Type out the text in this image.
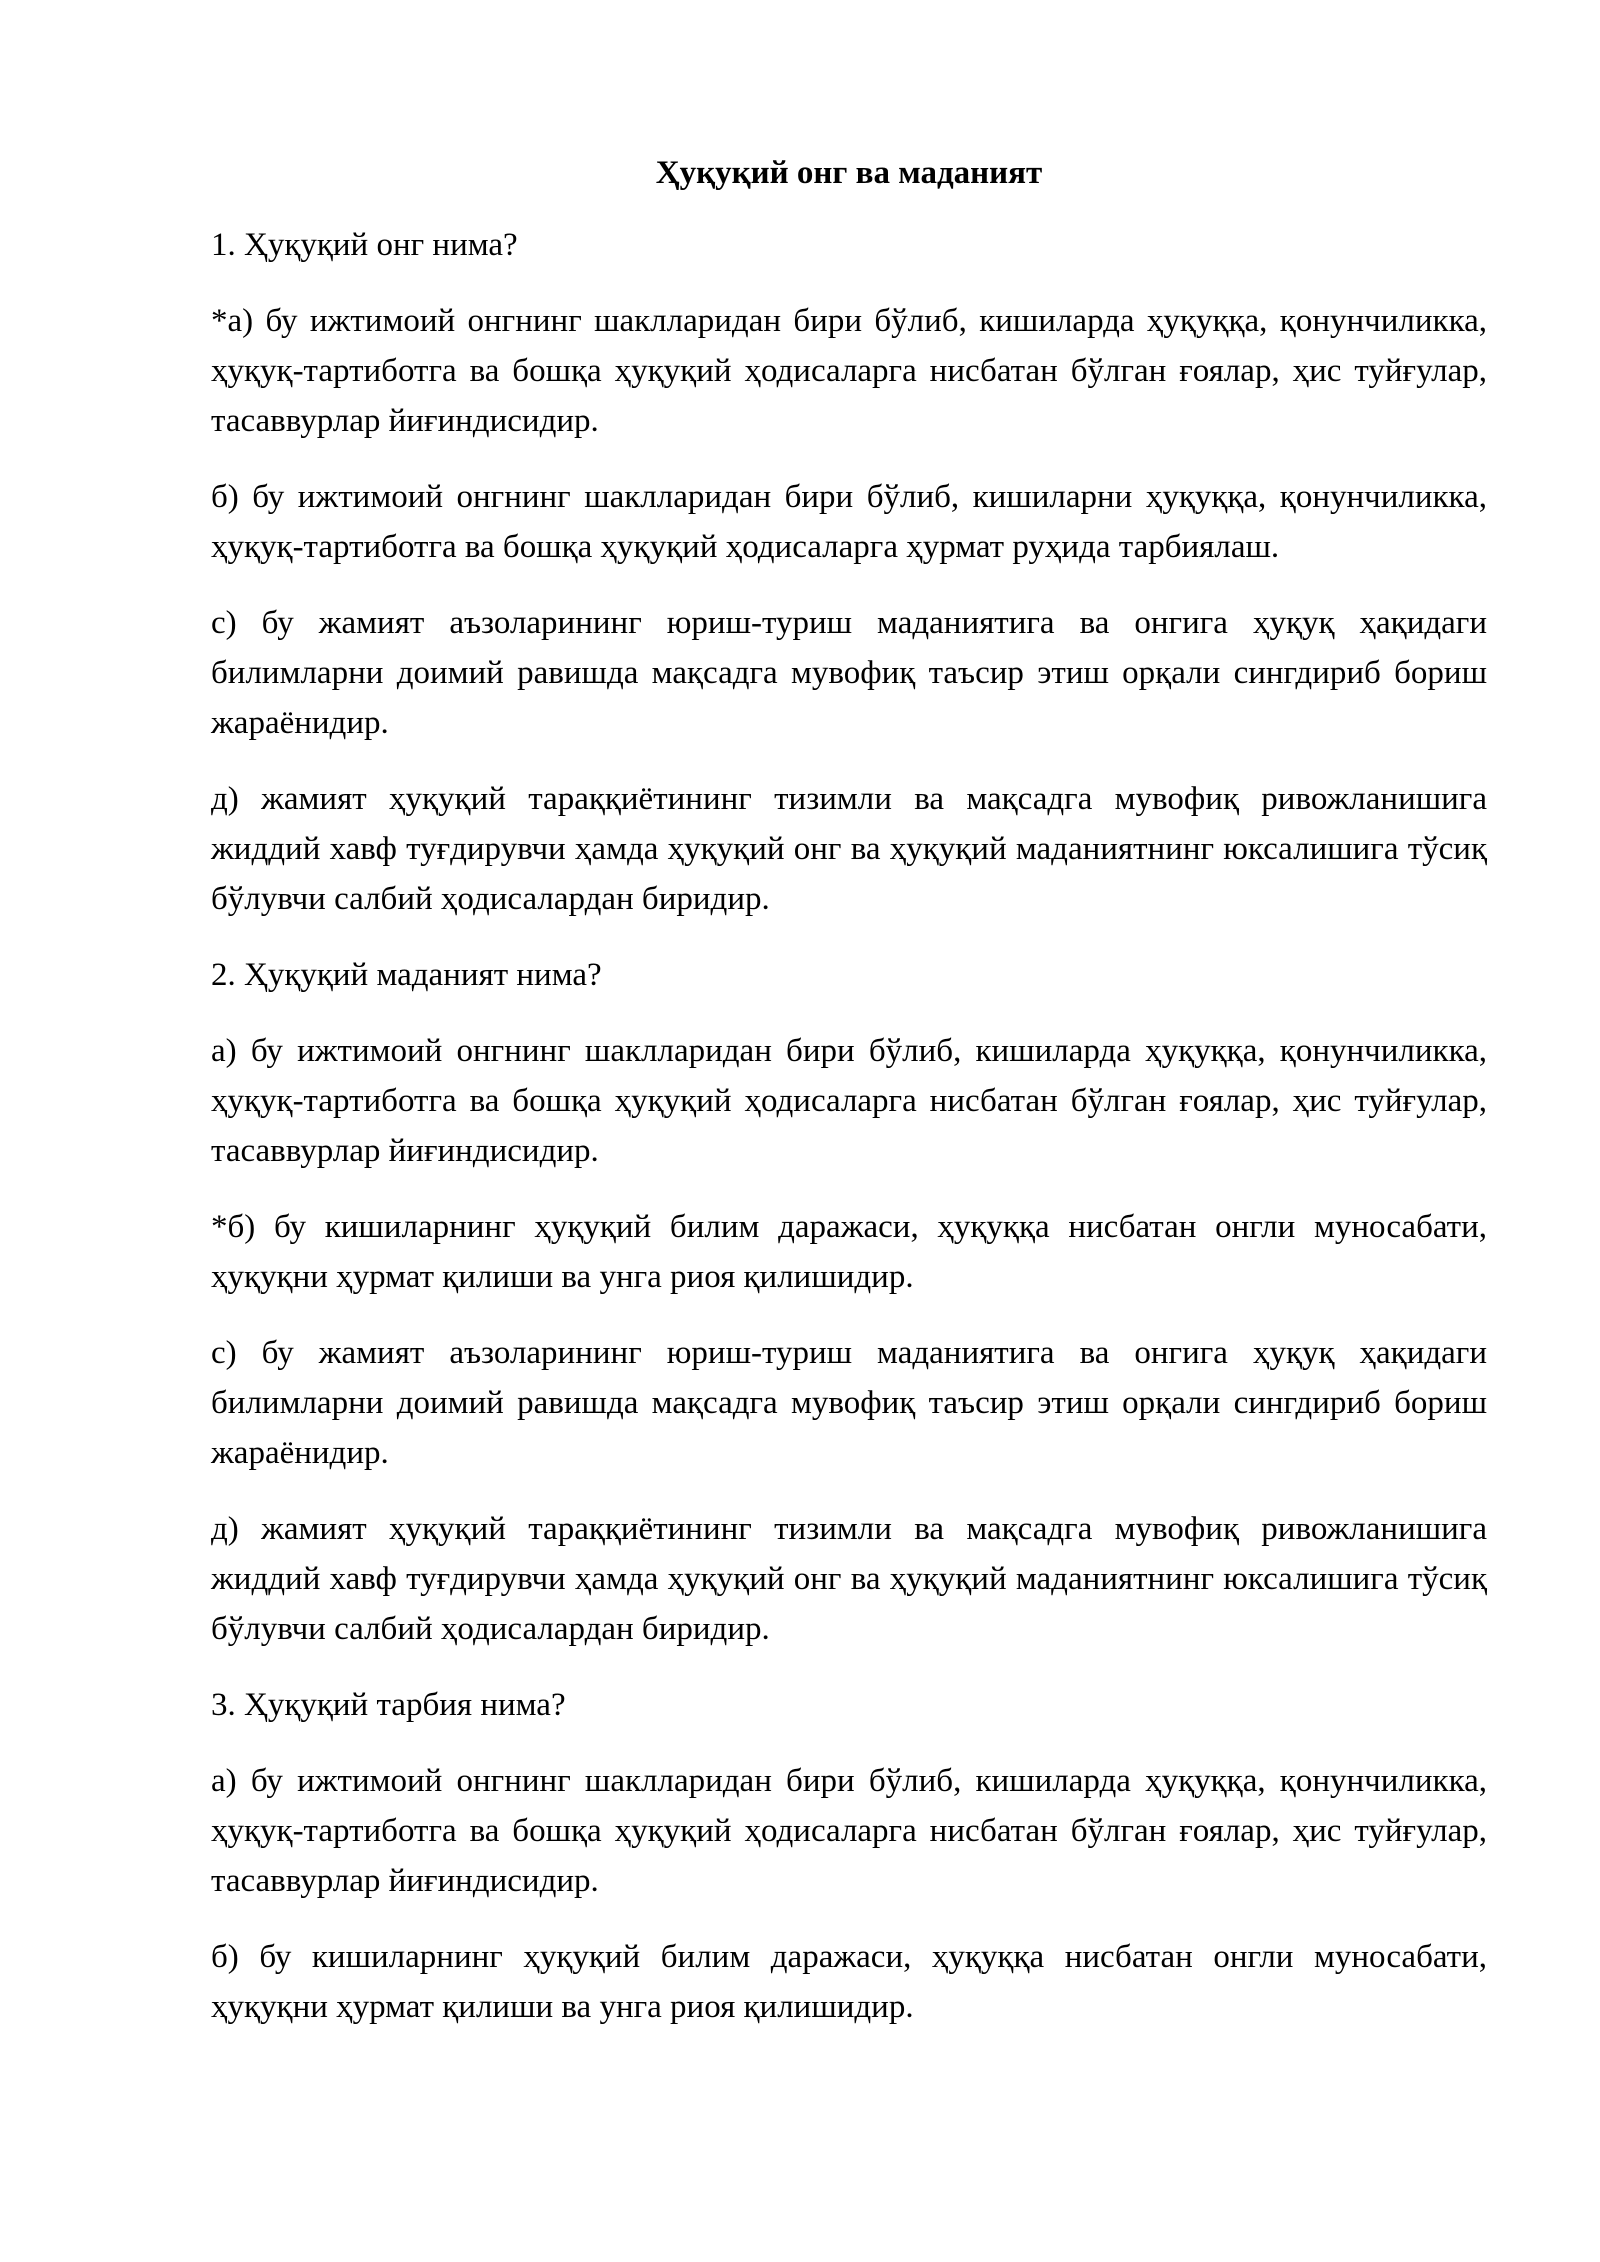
Ҳуқуқий онг ва маданият

1. Ҳуқуқий онг нима?

*а) бу ижтимоий онгнинг шаклларидан бири бўлиб, кишиларда ҳуқуққа, қонунчиликка, ҳуқуқ-тартиботга ва бошқа ҳуқуқий ҳодисаларга нисбатан бўлган ғоялар, ҳис туйғулар, тасаввурлар йиғиндисидир.

б) бу ижтимоий онгнинг шаклларидан бири бўлиб, кишиларни ҳуқуққа, қонунчиликка, ҳуқуқ-тартиботга ва бошқа ҳуқуқий ҳодисаларга ҳурмат руҳида тарбиялаш.

с) бу жамият аъзоларининг юриш-туриш маданиятига ва онгига ҳуқуқ ҳақидаги билимларни доимий равишда мақсадга мувофиқ таъсир этиш орқали сингдириб бориш жараёнидир.

д) жамият ҳуқуқий тараққиётининг тизимли ва мақсадга мувофиқ ривожланишига жиддий хавф туғдирувчи ҳамда ҳуқуқий онг ва ҳуқуқий маданиятнинг юксалишига тўсиқ бўлувчи салбий ҳодисалардан биридир.

2. Ҳуқуқий маданият нима?

а) бу ижтимоий онгнинг шаклларидан бири бўлиб, кишиларда ҳуқуққа, қонунчиликка, ҳуқуқ-тартиботга ва бошқа ҳуқуқий ҳодисаларга нисбатан бўлган ғоялар, ҳис туйғулар, тасаввурлар йиғиндисидир.

*б) бу кишиларнинг ҳуқуқий билим даражаси, ҳуқуққа нисбатан онгли муносабати, ҳуқуқни ҳурмат қилиши ва унга риоя қилишидир.

с) бу жамият аъзоларининг юриш-туриш маданиятига ва онгига ҳуқуқ ҳақидаги билимларни доимий равишда мақсадга мувофиқ таъсир этиш орқали сингдириб бориш жараёнидир.

д) жамият ҳуқуқий тараққиётининг тизимли ва мақсадга мувофиқ ривожланишига жиддий хавф туғдирувчи ҳамда ҳуқуқий онг ва ҳуқуқий маданиятнинг юксалишига тўсиқ бўлувчи салбий ҳодисалардан биридир.

3. Ҳуқуқий тарбия нима?

а) бу ижтимоий онгнинг шаклларидан бири бўлиб, кишиларда ҳуқуққа, қонунчиликка, ҳуқуқ-тартиботга ва бошқа ҳуқуқий ҳодисаларга нисбатан бўлган ғоялар, ҳис туйғулар, тасаввурлар йиғиндисидир.

б) бу кишиларнинг ҳуқуқий билим даражаси, ҳуқуққа нисбатан онгли муносабати, ҳуқуқни ҳурмат қилиши ва унга риоя қилишидир.
